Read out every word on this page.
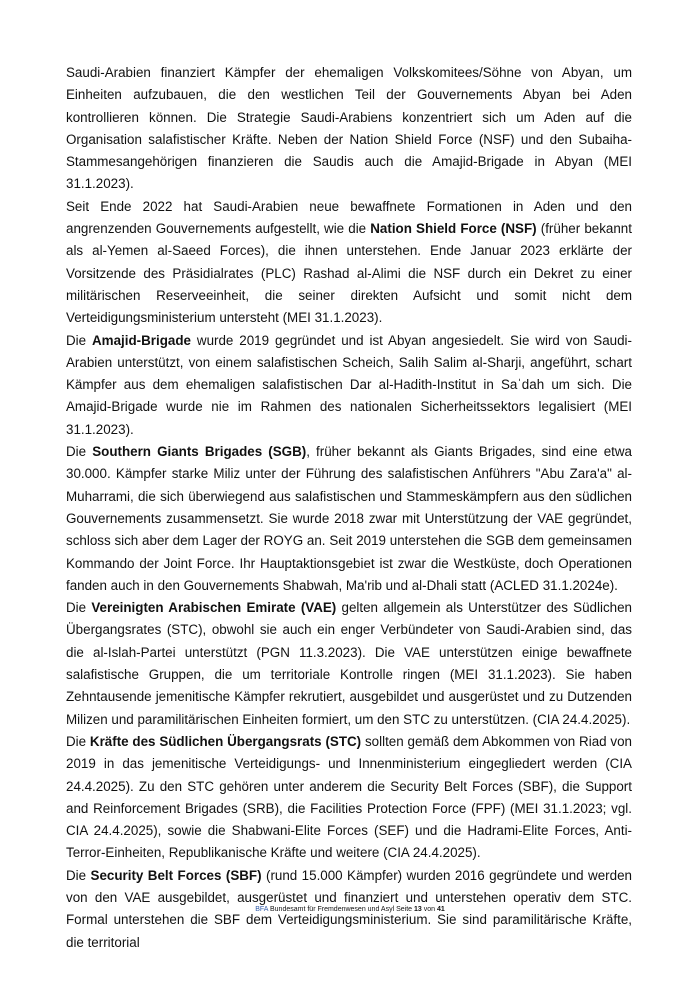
Saudi-Arabien finanziert Kämpfer der ehemaligen Volkskomitees/Söhne von Abyan, um Einheiten aufzubauen, die den westlichen Teil der Gouvernements Abyan bei Aden kontrollieren können. Die Strategie Saudi-Arabiens konzentriert sich um Aden auf die Organisation salafistischer Kräfte. Neben der Nation Shield Force (NSF) und den Subaiha-Stammesangehörigen finanzieren die Saudis auch die Amajid-Brigade in Abyan (MEI 31.1.2023).

Seit Ende 2022 hat Saudi-Arabien neue bewaffnete Formationen in Aden und den angrenzenden Gouvernements aufgestellt, wie die Nation Shield Force (NSF) (früher bekannt als al-Yemen al-Saeed Forces), die ihnen unterstehen. Ende Januar 2023 erklärte der Vorsitzende des Präsidialrates (PLC) Rashad al-Alimi die NSF durch ein Dekret zu einer militärischen Reserveeinheit, die seiner direkten Aufsicht und somit nicht dem Verteidigungsministerium untersteht (MEI 31.1.2023).

Die Amajid-Brigade wurde 2019 gegründet und ist Abyan angesiedelt. Sie wird von Saudi-Arabien unterstützt, von einem salafistischen Scheich, Salih Salim al-Sharji, angeführt, schart Kämpfer aus dem ehemaligen salafistischen Dar al-Hadith-Institut in Saˈdah um sich. Die Amajid-Brigade wurde nie im Rahmen des nationalen Sicherheitssektors legalisiert (MEI 31.1.2023).

Die Southern Giants Brigades (SGB), früher bekannt als Giants Brigades, sind eine etwa 30.000. Kämpfer starke Miliz unter der Führung des salafistischen Anführers "Abu Zara'a" al-Muharrami, die sich überwiegend aus salafistischen und Stammeskämpfern aus den südlichen Gouvernements zusammensetzt. Sie wurde 2018 zwar mit Unterstützung der VAE gegründet, schloss sich aber dem Lager der ROYG an. Seit 2019 unterstehen die SGB dem gemeinsamen Kommando der Joint Force. Ihr Hauptaktionsgebiet ist zwar die Westküste, doch Operationen fanden auch in den Gouvernements Shabwah, Ma'rib und al-Dhali statt (ACLED 31.1.2024e).

Die Vereinigten Arabischen Emirate (VAE) gelten allgemein als Unterstützer des Südlichen Übergangsrates (STC), obwohl sie auch ein enger Verbündeter von Saudi-Arabien sind, das die al-Islah-Partei unterstützt (PGN 11.3.2023). Die VAE unterstützen einige bewaffnete salafistische Gruppen, die um territoriale Kontrolle ringen (MEI 31.1.2023). Sie haben Zehntausende jemenitische Kämpfer rekrutiert, ausgebildet und ausgerüstet und zu Dutzenden Milizen und paramilitärischen Einheiten formiert, um den STC zu unterstützen. (CIA 24.4.2025).

Die Kräfte des Südlichen Übergangsrats (STC) sollten gemäß dem Abkommen von Riad von 2019 in das jemenitische Verteidigungs- und Innenministerium eingegliedert werden (CIA 24.4.2025). Zu den STC gehören unter anderem die Security Belt Forces (SBF), die Support and Reinforcement Brigades (SRB), die Facilities Protection Force (FPF) (MEI 31.1.2023; vgl. CIA 24.4.2025), sowie die Shabwani-Elite Forces (SEF) und die Hadrami-Elite Forces, Anti-Terror-Einheiten, Republikanische Kräfte und weitere (CIA 24.4.2025).

Die Security Belt Forces (SBF) (rund 15.000 Kämpfer) wurden 2016 gegründete und werden von den VAE ausgebildet, ausgerüstet und finanziert und unterstehen operativ dem STC. Formal unterstehen die SBF dem Verteidigungsministerium. Sie sind paramilitärische Kräfte, die territorial

BFA Bundesamt für Fremdenwesen und Asyl Seite 13 von 41
